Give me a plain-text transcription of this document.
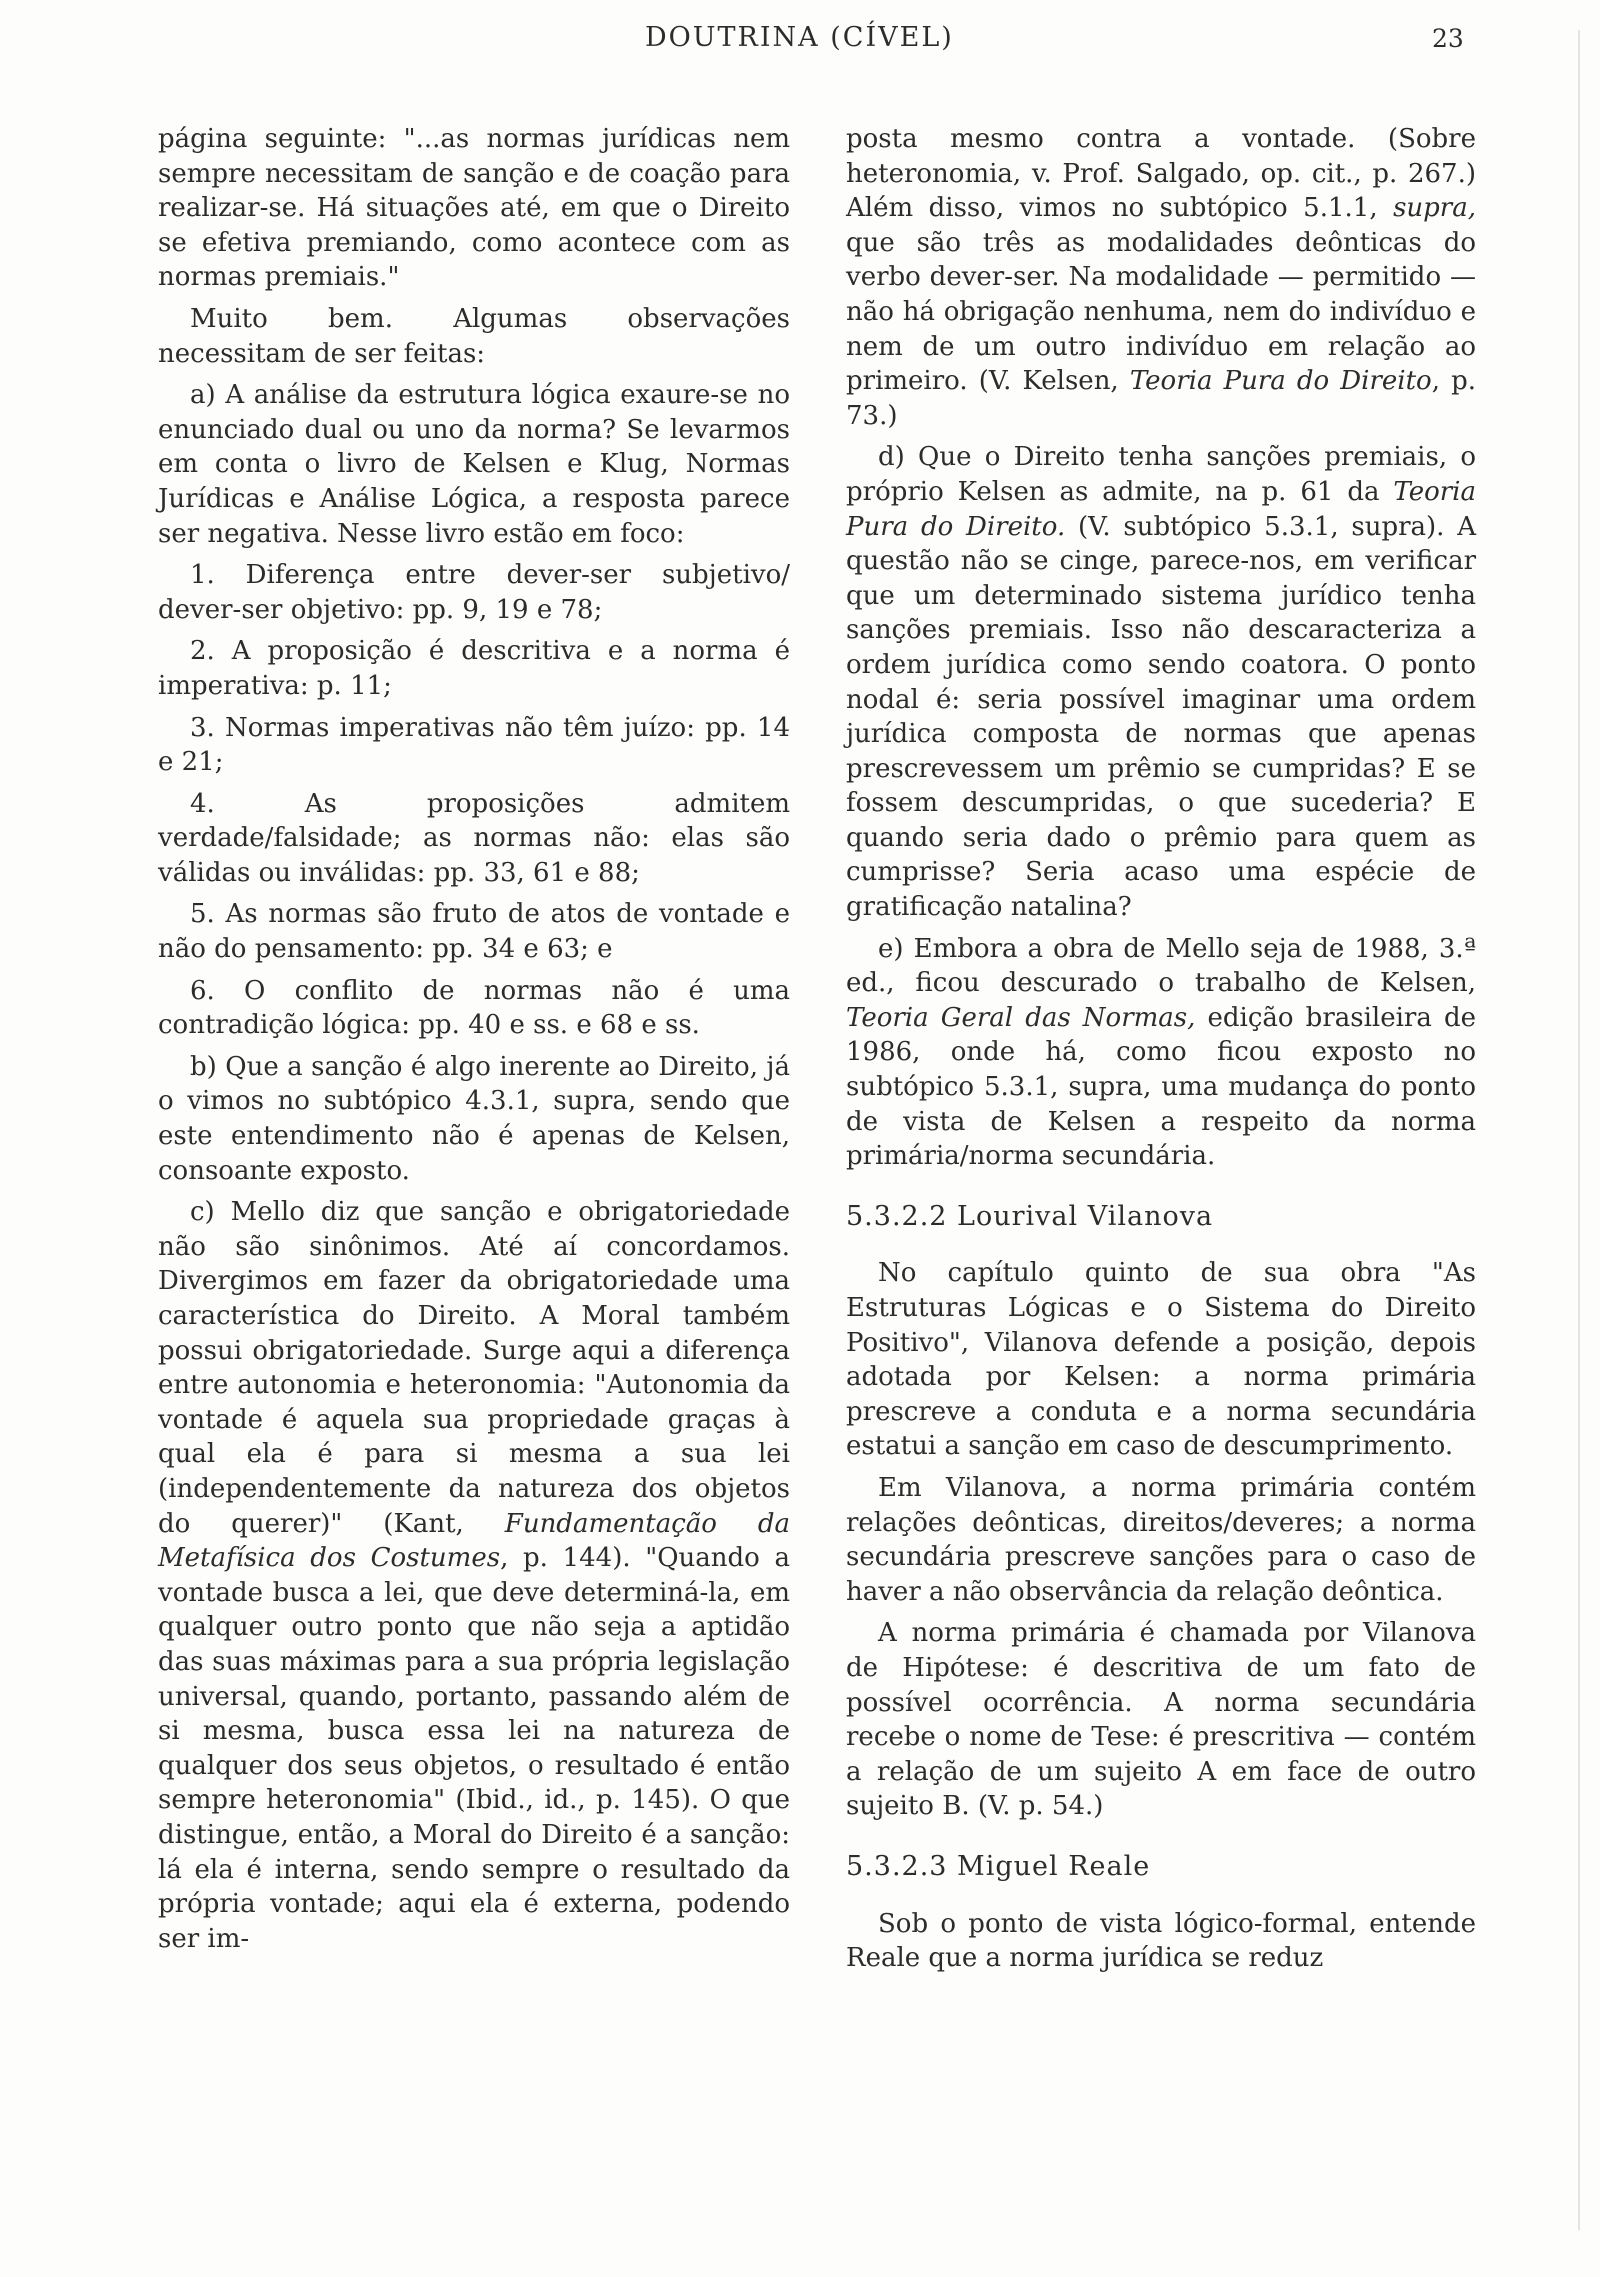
DOUTRINA (CÍVEL)	23

página seguinte: "...as normas jurídicas nem sempre necessitam de sanção e de coação para realizar-se. Há situações até, em que o Direito se efetiva premiando, como acontece com as normas premiais."

Muito bem. Algumas observações necessitam de ser feitas:

a) A análise da estrutura lógica exaure-se no enunciado dual ou uno da norma? Se levarmos em conta o livro de Kelsen e Klug, Normas Jurídicas e Análise Lógica, a resposta parece ser negativa. Nesse livro estão em foco:

1. Diferença entre dever-ser subjetivo/ dever-ser objetivo: pp. 9, 19 e 78;

2. A proposição é descritiva e a norma é imperativa: p. 11;

3. Normas imperativas não têm juízo: pp. 14 e 21;

4. As proposições admitem verdade/falsidade; as normas não: elas são válidas ou inválidas: pp. 33, 61 e 88;

5. As normas são fruto de atos de vontade e não do pensamento: pp. 34 e 63; e

6. O conflito de normas não é uma contradição lógica: pp. 40 e ss. e 68 e ss.

b) Que a sanção é algo inerente ao Direito, já o vimos no subtópico 4.3.1, supra, sendo que este entendimento não é apenas de Kelsen, consoante exposto.

c) Mello diz que sanção e obrigatoriedade não são sinônimos. Até aí concordamos. Divergimos em fazer da obrigatoriedade uma característica do Direito. A Moral também possui obrigatoriedade. Surge aqui a diferença entre autonomia e heteronomia: "Autonomia da vontade é aquela sua propriedade graças à qual ela é para si mesma a sua lei (independentemente da natureza dos objetos do querer)" (Kant, Fundamentação da Metafísica dos Costumes, p. 144). "Quando a vontade busca a lei, que deve determiná-la, em qualquer outro ponto que não seja a aptidão das suas máximas para a sua própria legislação universal, quando, portanto, passando além de si mesma, busca essa lei na natureza de qualquer dos seus objetos, o resultado é então sempre heteronomia" (Ibid., id., p. 145). O que distingue, então, a Moral do Direito é a sanção: lá ela é interna, sendo sempre o resultado da própria vontade; aqui ela é externa, podendo ser im-

posta mesmo contra a vontade. (Sobre heteronomia, v. Prof. Salgado, op. cit., p. 267.) Além disso, vimos no subtópico 5.1.1, supra, que são três as modalidades deônticas do verbo dever-ser. Na modalidade — permitido — não há obrigação nenhuma, nem do indivíduo e nem de um outro indivíduo em relação ao primeiro. (V. Kelsen, Teoria Pura do Direito, p. 73.)

d) Que o Direito tenha sanções premiais, o próprio Kelsen as admite, na p. 61 da Teoria Pura do Direito. (V. subtópico 5.3.1, supra). A questão não se cinge, parece-nos, em verificar que um determinado sistema jurídico tenha sanções premiais. Isso não descaracteriza a ordem jurídica como sendo coatora. O ponto nodal é: seria possível imaginar uma ordem jurídica composta de normas que apenas prescrevessem um prêmio se cumpridas? E se fossem descumpridas, o que sucederia? E quando seria dado o prêmio para quem as cumprisse? Seria acaso uma espécie de gratificação natalina?

e) Embora a obra de Mello seja de 1988, 3.ª ed., ficou descurado o trabalho de Kelsen, Teoria Geral das Normas, edição brasileira de 1986, onde há, como ficou exposto no subtópico 5.3.1, supra, uma mudança do ponto de vista de Kelsen a respeito da norma primária/norma secundária.

5.3.2.2 Lourival Vilanova

No capítulo quinto de sua obra "As Estruturas Lógicas e o Sistema do Direito Positivo", Vilanova defende a posição, depois adotada por Kelsen: a norma primária prescreve a conduta e a norma secundária estatui a sanção em caso de descumprimento.

Em Vilanova, a norma primária contém relações deônticas, direitos/deveres; a norma secundária prescreve sanções para o caso de haver a não observância da relação deôntica.

A norma primária é chamada por Vilanova de Hipótese: é descritiva de um fato de possível ocorrência. A norma secundária recebe o nome de Tese: é prescritiva — contém a relação de um sujeito A em face de outro sujeito B. (V. p. 54.)

5.3.2.3 Miguel Reale

Sob o ponto de vista lógico-formal, entende Reale que a norma jurídica se reduz
